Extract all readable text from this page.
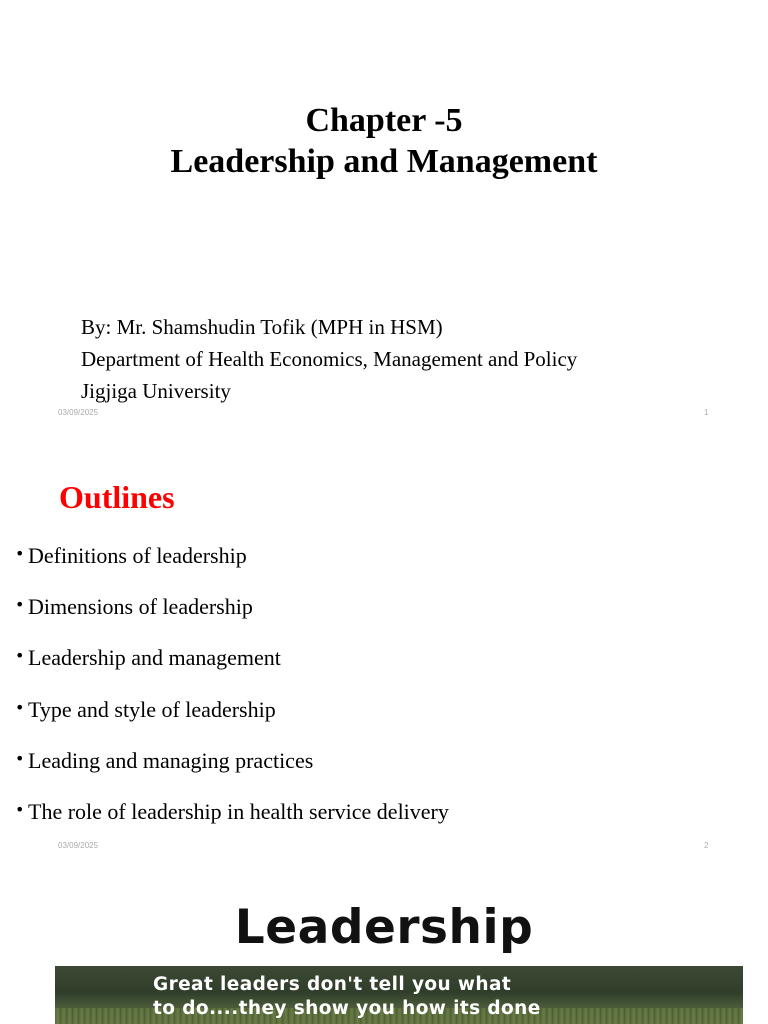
Chapter -5
Leadership and Management
By: Mr. Shamshudin Tofik (MPH in HSM)
Department of Health Economics, Management and Policy
Jigjiga University
03/09/2025	1
Outlines
• Definitions of leadership
• Dimensions of leadership
• Leadership and management
• Type and style of leadership
• Leading and managing practices
• The role of leadership in health service delivery
03/09/2025	2
Leadership
Great leaders don't tell you what
to do....they show you how its done
